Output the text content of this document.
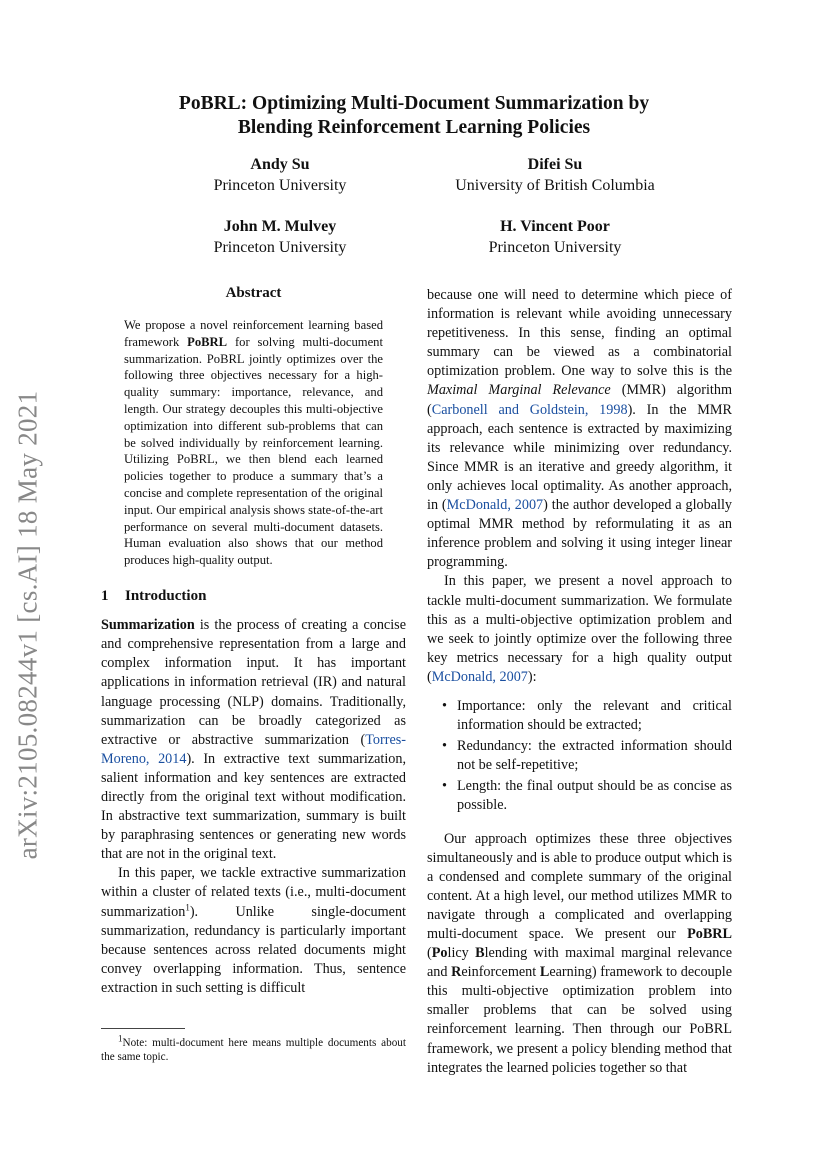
PoBRL: Optimizing Multi-Document Summarization by
Blending Reinforcement Learning Policies
Andy Su
Princeton University
Difei Su
University of British Columbia
John M. Mulvey
Princeton University
H. Vincent Poor
Princeton University
arXiv:2105.08244v1 [cs.AI] 18 May 2021
Abstract
We propose a novel reinforcement learning based framework PoBRL for solving multi-document summarization. PoBRL jointly optimizes over the following three objectives necessary for a high-quality summary: importance, relevance, and length. Our strategy decouples this multi-objective optimization into different sub-problems that can be solved individually by reinforcement learning. Utilizing PoBRL, we then blend each learned policies together to produce a summary that’s a concise and complete representation of the original input. Our empirical analysis shows state-of-the-art performance on several multi-document datasets. Human evaluation also shows that our method produces high-quality output.
1 Introduction

Summarization is the process of creating a concise and comprehensive representation from a large and complex information input. It has important applications in information retrieval (IR) and natural language processing (NLP) domains. Traditionally, summarization can be broadly categorized as extractive or abstractive summarization (Torres-Moreno, 2014). In extractive text summarization, salient information and key sentences are extracted directly from the original text without modification. In abstractive text summarization, summary is built by paraphrasing sentences or generating new words that are not in the original text.

In this paper, we tackle extractive summarization within a cluster of related texts (i.e., multi-document summarization$^1$). Unlike single-document summarization, redundancy is particularly important because sentences across related documents might convey overlapping information. Thus, sentence extraction in such setting is difficult

$^1$Note: multi-document here means multiple documents about the same topic.

because one will need to determine which piece of information is relevant while avoiding unnecessary repetitiveness. In this sense, finding an optimal summary can be viewed as a combinatorial optimization problem. One way to solve this is the Maximal Marginal Relevance (MMR) algorithm (Carbonell and Goldstein, 1998). In the MMR approach, each sentence is extracted by maximizing its relevance while minimizing over redundancy. Since MMR is an iterative and greedy algorithm, it only achieves local optimality. As another approach, in (McDonald, 2007) the author developed a globally optimal MMR method by reformulating it as an inference problem and solving it using integer linear programming.

In this paper, we present a novel approach to tackle multi-document summarization. We formulate this as a multi-objective optimization problem and we seek to jointly optimize over the following three key metrics necessary for a high quality output (McDonald, 2007):

• Importance: only the relevant and critical information should be extracted;
• Redundancy: the extracted information should not be self-repetitive;
• Length: the final output should be as concise as possible.

Our approach optimizes these three objectives simultaneously and is able to produce output which is a condensed and complete summary of the original content. At a high level, our method utilizes MMR to navigate through a complicated and overlapping multi-document space. We present our PoBRL (Policy Blending with maximal marginal relevance and Reinforcement Learning) framework to decouple this multi-objective optimization problem into smaller problems that can be solved using reinforcement learning. Then through our PoBRL framework, we present a policy blending method that integrates the learned policies together so that
